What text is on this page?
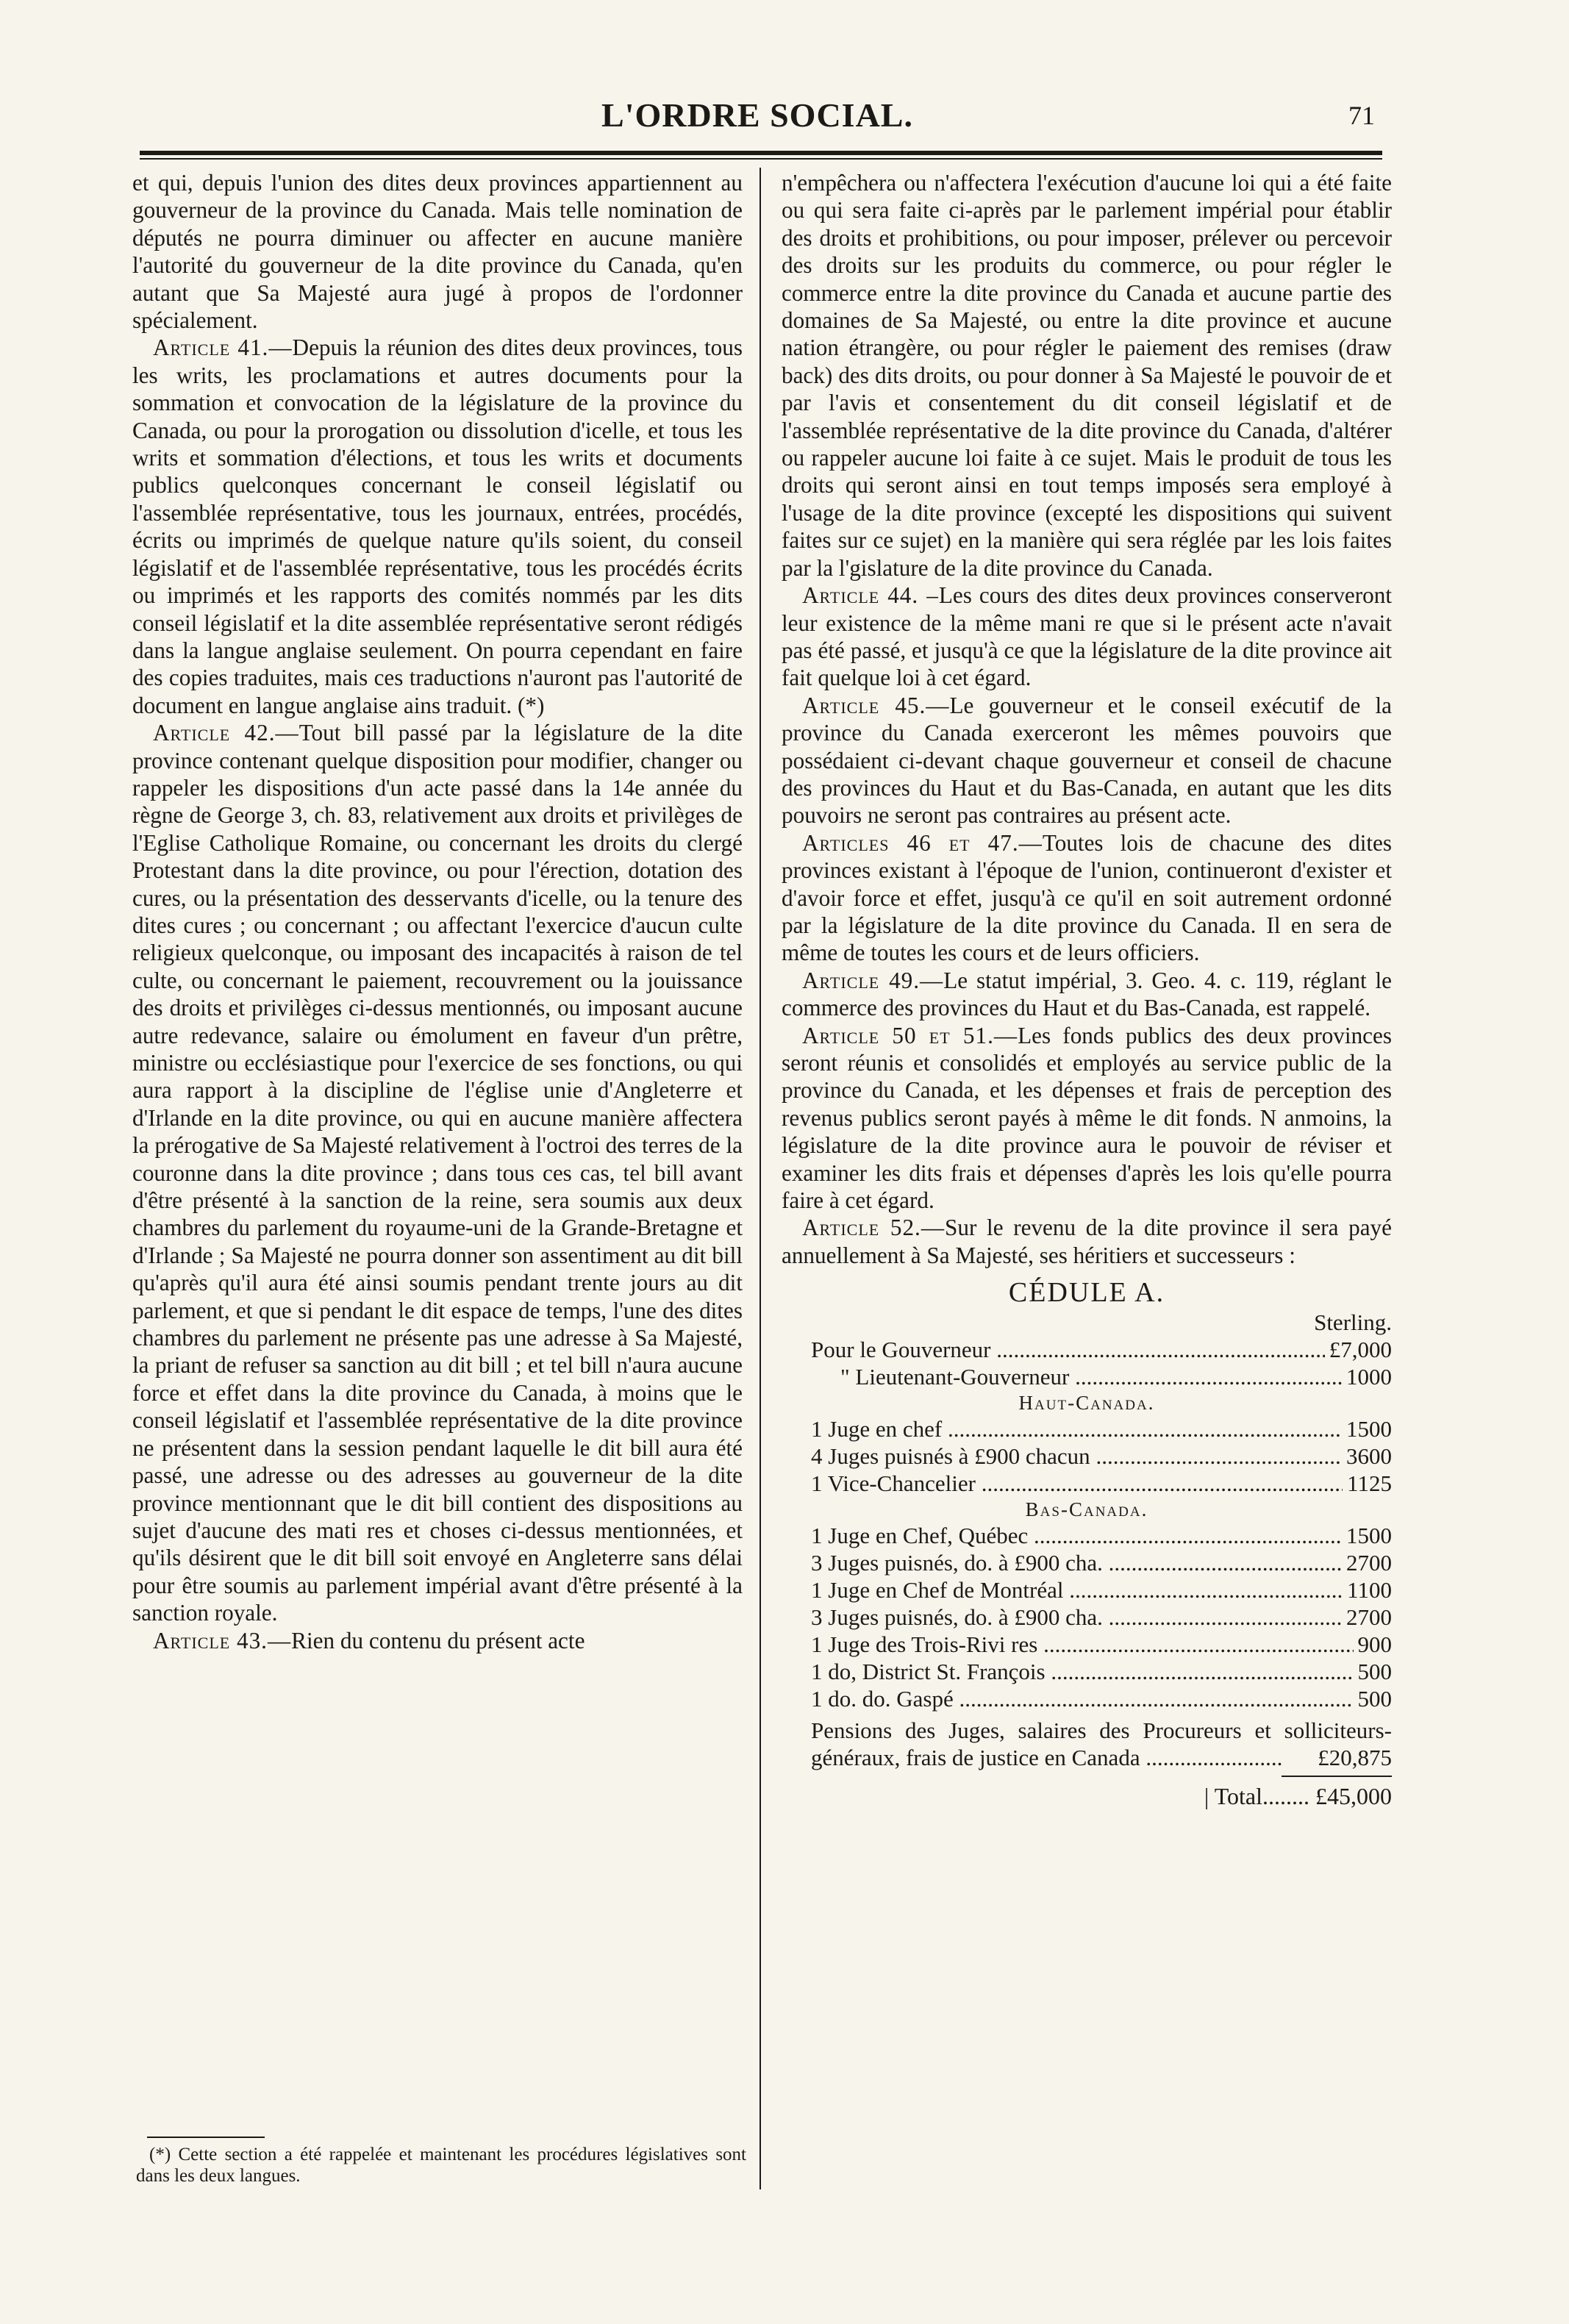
L'ORDRE SOCIAL.	71

et qui, depuis l'union des dites deux provinces appartiennent au gouverneur de la province du Canada. Mais telle nomination de députés ne pourra diminuer ou affecter en aucune manière l'autorité du gouverneur de la dite province du Canada, qu'en autant que Sa Majesté aura jugé à propos de l'ordonner spécialement.

Article 41.—Depuis la réunion des dites deux provinces, tous les writs, les proclamations et autres documents pour la sommation et convocation de la législature de la province du Canada, ou pour la prorogation ou dissolution d'icelle, et tous les writs et sommation d'élections, et tous les writs et documents publics quelconques concernant le conseil législatif ou l'assemblée représentative, tous les journaux, entrées, procédés, écrits ou imprimés de quelque nature qu'ils soient, du conseil législatif et de l'assemblée représentative, tous les procédés écrits ou imprimés et les rapports des comités nommés par les dits conseil législatif et la dite assemblée représentative seront rédigés dans la langue anglaise seulement. On pourra cependant en faire des copies traduites, mais ces traductions n'auront pas l'autorité de document en langue anglaise ains traduit. (*)

Article 42.—Tout bill passé par la législature de la dite province contenant quelque disposition pour modifier, changer ou rappeler les dispositions d'un acte passé dans la 14e année du règne de George 3, ch. 83, relativement aux droits et privilèges de l'Eglise Catholique Romaine, ou concernant les droits du clergé Protestant dans la dite province, ou pour l'érection, dotation des cures, ou la présentation des desservants d'icelle, ou la tenure des dites cures ; ou concernant ; ou affectant l'exercice d'aucun culte religieux quelconque, ou imposant des incapacités à raison de tel culte, ou concernant le paiement, recouvrement ou la jouissance des droits et privilèges ci-dessus mentionnés, ou imposant aucune autre redevance, salaire ou émolument en faveur d'un prêtre, ministre ou ecclésiastique pour l'exercice de ses fonctions, ou qui aura rapport à la discipline de l'église unie d'Angleterre et d'Irlande en la dite province, ou qui en aucune manière affectera la prérogative de Sa Majesté relativement à l'octroi des terres de la couronne dans la dite province ; dans tous ces cas, tel bill avant d'être présenté à la sanction de la reine, sera soumis aux deux chambres du parlement du royaume-uni de la Grande-Bretagne et d'Irlande ; Sa Majesté ne pourra donner son assentiment au dit bill qu'après qu'il aura été ainsi soumis pendant trente jours au dit parlement, et que si pendant le dit espace de temps, l'une des dites chambres du parlement ne présente pas une adresse à Sa Majesté, la priant de refuser sa sanction au dit bill ; et tel bill n'aura aucune force et effet dans la dite province du Canada, à moins que le conseil législatif et l'assemblée représentative de la dite province ne présentent dans la session pendant laquelle le dit bill aura été passé, une adresse ou des adresses au gouverneur de la dite province mentionnant que le dit bill contient des dispositions au sujet d'aucune des mati res et choses ci-dessus mentionnées, et qu'ils désirent que le dit bill soit envoyé en Angleterre sans délai pour être soumis au parlement impérial avant d'être présenté à la sanction royale.

Article 43.—Rien du contenu du présent acte

(*) Cette section a été rappelée et maintenant les procédures législatives sont dans les deux langues.

n'empêchera ou n'affectera l'exécution d'aucune loi qui a été faite ou qui sera faite ci-après par le parlement impérial pour établir des droits et prohibitions, ou pour imposer, prélever ou percevoir des droits sur les produits du commerce, ou pour régler le commerce entre la dite province du Canada et aucune partie des domaines de Sa Majesté, ou entre la dite province et aucune nation étrangère, ou pour régler le paiement des remises (draw back) des dits droits, ou pour donner à Sa Majesté le pouvoir de et par l'avis et consentement du dit conseil législatif et de l'assemblée représentative de la dite province du Canada, d'altérer ou rappeler aucune loi faite à ce sujet. Mais le produit de tous les droits qui seront ainsi en tout temps imposés sera employé à l'usage de la dite province (excepté les dispositions qui suivent faites sur ce sujet) en la manière qui sera réglée par les lois faites par la l'gislature de la dite province du Canada.

Article 44. –Les cours des dites deux provinces conserveront leur existence de la même mani re que si le présent acte n'avait pas été passé, et jusqu'à ce que la législature de la dite province ait fait quelque loi à cet égard.

Article 45.—Le gouverneur et le conseil exécutif de la province du Canada exerceront les mêmes pouvoirs que possédaient ci-devant chaque gouverneur et conseil de chacune des provinces du Haut et du Bas-Canada, en autant que les dits pouvoirs ne seront pas contraires au présent acte.

Articles 46 et 47.—Toutes lois de chacune des dites provinces existant à l'époque de l'union, continueront d'exister et d'avoir force et effet, jusqu'à ce qu'il en soit autrement ordonné par la législature de la dite province du Canada. Il en sera de même de toutes les cours et de leurs officiers.

Article 49.—Le statut impérial, 3. Geo. 4. c. 119, réglant le commerce des provinces du Haut et du Bas-Canada, est rappelé.

Article 50 et 51.—Les fonds publics des deux provinces seront réunis et consolidés et employés au service public de la province du Canada, et les dépenses et frais de perception des revenus publics seront payés à même le dit fonds. N anmoins, la législature de la dite province aura le pouvoir de réviser et examiner les dits frais et dépenses d'après les lois qu'elle pourra faire à cet égard.

Article 52.—Sur le revenu de la dite province il sera payé annuellement à Sa Majesté, ses héritiers et successeurs :

CÉDULE A.
Sterling.
Pour le Gouverneur .....	£7,000
" Lieutenant-Gouverneur .....	1000
Haut-Canada.
1 Juge en chef .....	1500
4 Juges puisnés à £900 chacun .....	3600
1 Vice-Chancelier .....	1125
Bas-Canada.
1 Juge en Chef, Québec .....	1500
3 Juges puisnés, do. à £900 cha. .....	2700
1 Juge en Chef de Montréal .....	1100
3 Juges puisnés, do. à £900 cha. .....	2700
1 Juge des Trois-Rivi res .....	900
1 do, District St. François .....	500
1 do. do. Gaspé .....	500
Pensions des Juges, salaires des Procureurs et solliciteurs-généraux, frais de justice en Canada ........................ £20,875
| Total........ £45,000
